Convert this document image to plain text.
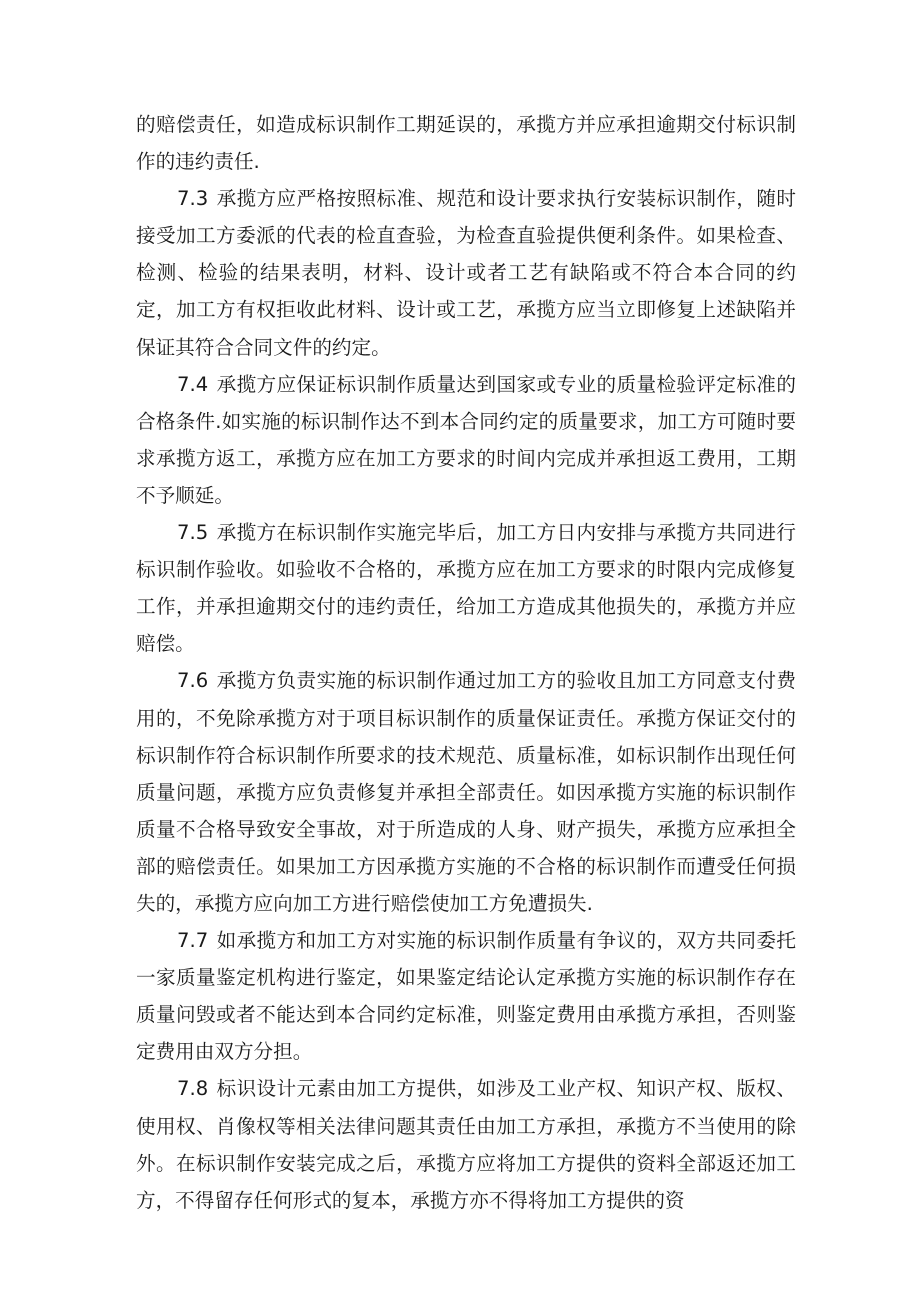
的赔偿责任，如造成标识制作工期延误的，承揽方并应承担逾期交付标识制作的违约责任.

7.3 承揽方应严格按照标准、规范和设计要求执行安装标识制作，随时接受加工方委派的代表的检直查验，为检查直验提供便利条件。如果检查、检测、检验的结果表明，材料、设计或者工艺有缺陷或不符合本合同的约定，加工方有权拒收此材料、设计或工艺，承揽方应当立即修复上述缺陷并保证其符合合同文件的约定。

7.4 承揽方应保证标识制作质量达到国家或专业的质量检验评定标准的合格条件.如实施的标识制作达不到本合同约定的质量要求，加工方可随时要求承揽方返工，承揽方应在加工方要求的时间内完成并承担返工费用，工期不予顺延。

7.5 承揽方在标识制作实施完毕后，加工方日内安排与承揽方共同进行标识制作验收。如验收不合格的，承揽方应在加工方要求的时限内完成修复工作，并承担逾期交付的违约责任，给加工方造成其他损失的，承揽方并应赔偿。

7.6 承揽方负责实施的标识制作通过加工方的验收且加工方同意支付费用的，不免除承揽方对于项目标识制作的质量保证责任。承揽方保证交付的标识制作符合标识制作所要求的技术规范、质量标准，如标识制作出现任何质量问题，承揽方应负责修复并承担全部责任。如因承揽方实施的标识制作质量不合格导致安全事故，对于所造成的人身、财产损失，承揽方应承担全部的赔偿责任。如果加工方因承揽方实施的不合格的标识制作而遭受任何损失的，承揽方应向加工方进行赔偿使加工方免遭损失.

7.7 如承揽方和加工方对实施的标识制作质量有争议的，双方共同委托一家质量鉴定机构进行鉴定，如果鉴定结论认定承揽方实施的标识制作存在质量问毁或者不能达到本合同约定标准，则鉴定费用由承揽方承担，否则鉴定费用由双方分担。

7.8 标识设计元素由加工方提供，如涉及工业产权、知识产权、版权、使用权、肖像权等相关法律问题其责任由加工方承担，承揽方不当使用的除外。在标识制作安装完成之后，承揽方应将加工方提供的资料全部返还加工方，不得留存任何形式的复本，承揽方亦不得将加工方提供的资
